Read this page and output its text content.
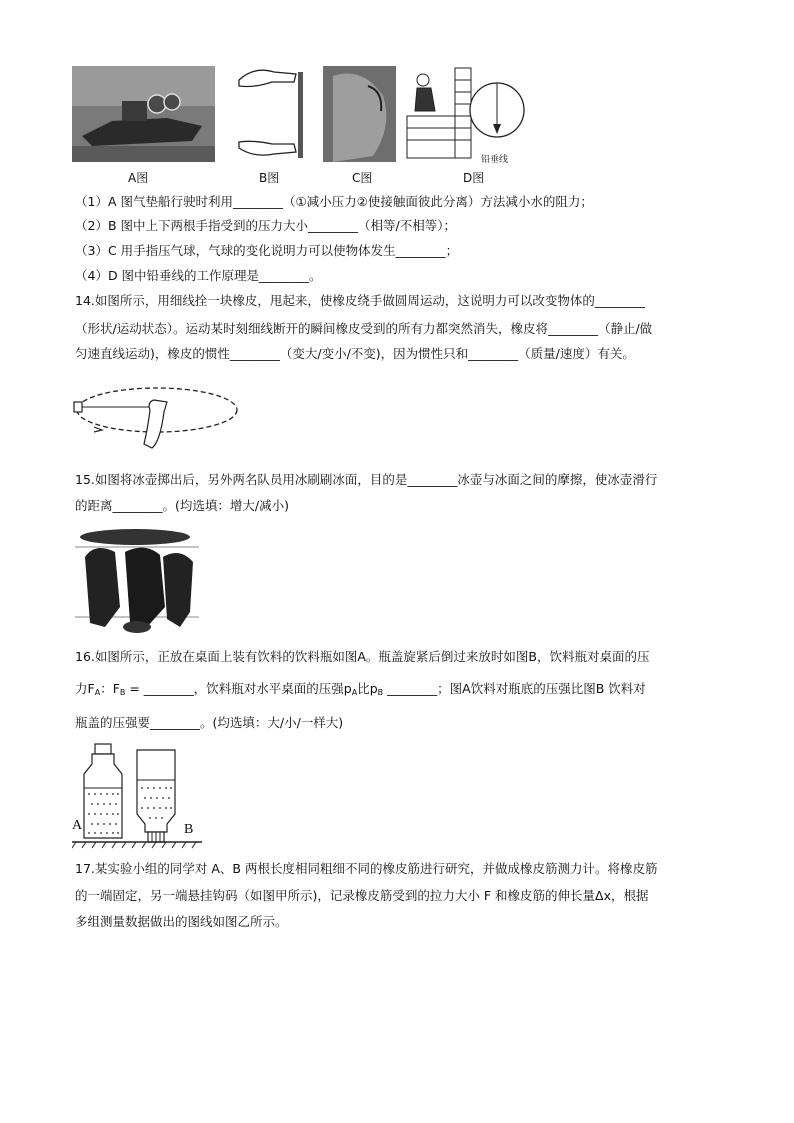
铅垂线
A图	B图	C图	D图
（1）A 图气垫船行驶时利用________（①减小压力②使接触面彼此分离）方法减小水的阻力；
（2）B 图中上下两根手指受到的压力大小________（相等/不相等）；
（3）C 用手指压气球，气球的变化说明力可以使物体发生________；
（4）D 图中铅垂线的工作原理是________。
14.如图所示，用细线拴一块橡皮，甩起来，使橡皮绕手做圆周运动，这说明力可以改变物体的________
（形状/运动状态）。运动某时刻细线断开的瞬间橡皮受到的所有力都突然消失，橡皮将________（静止/做
匀速直线运动)，橡皮的惯性________（变大/变小/不变)，因为惯性只和________（质量/速度）有关。
15.如图将冰壶掷出后，另外两名队员用冰刷刷冰面，目的是________冰壶与冰面之间的摩擦，使冰壶滑行
的距离________。(均选填：增大/减小)
16.如图所示，正放在桌面上装有饮料的饮料瓶如图A。瓶盖旋紧后倒过来放时如图B，饮料瓶对桌面的压
力$F_A$：$F_B$ = ________，饮料瓶对水平桌面的压强$p_A$比$p_B$ ________；图A饮料对瓶底的压强比图B 饮料对
瓶盖的压强要________。(均选填：大/小/一样大)
A	B
17.某实验小组的同学对 A、B 两根长度相同粗细不同的橡皮筋进行研究，并做成橡皮筋测力计。将橡皮筋
的一端固定，另一端悬挂钩码（如图甲所示)，记录橡皮筋受到的拉力大小 F 和橡皮筋的伸长量Δx，根据
多组测量数据做出的图线如图乙所示。
